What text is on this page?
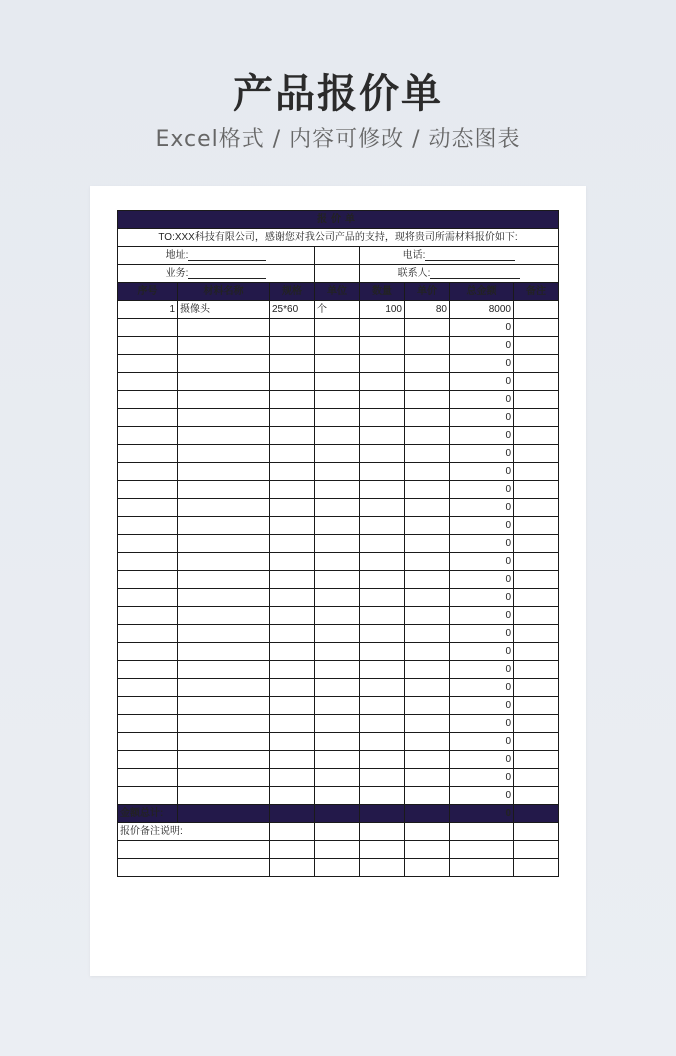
产品报价单
Excel格式 / 内容可修改 / 动态图表
报价单							
TO:XXX科技有限公司，感谢您对我公司产品的支持，现将贵司所需材料报价如下:							
地址:				电话:			
业务:				联系人:			
序号	材料名称	规格	单位	数量	单价	总金额	备注
1	摄像头	25*60	个	100	80	8000	
						0	
						0	
						0	
						0	
						0	
						0	
						0	
						0	
						0	
						0	
						0	
						0	
						0	
						0	
						0	
						0	
						0	
						0	
						0	
						0	
						0	
						0	
						0	
						0	
						0	
						0	
						0	
金额总计:						0	
报价备注说明:							
